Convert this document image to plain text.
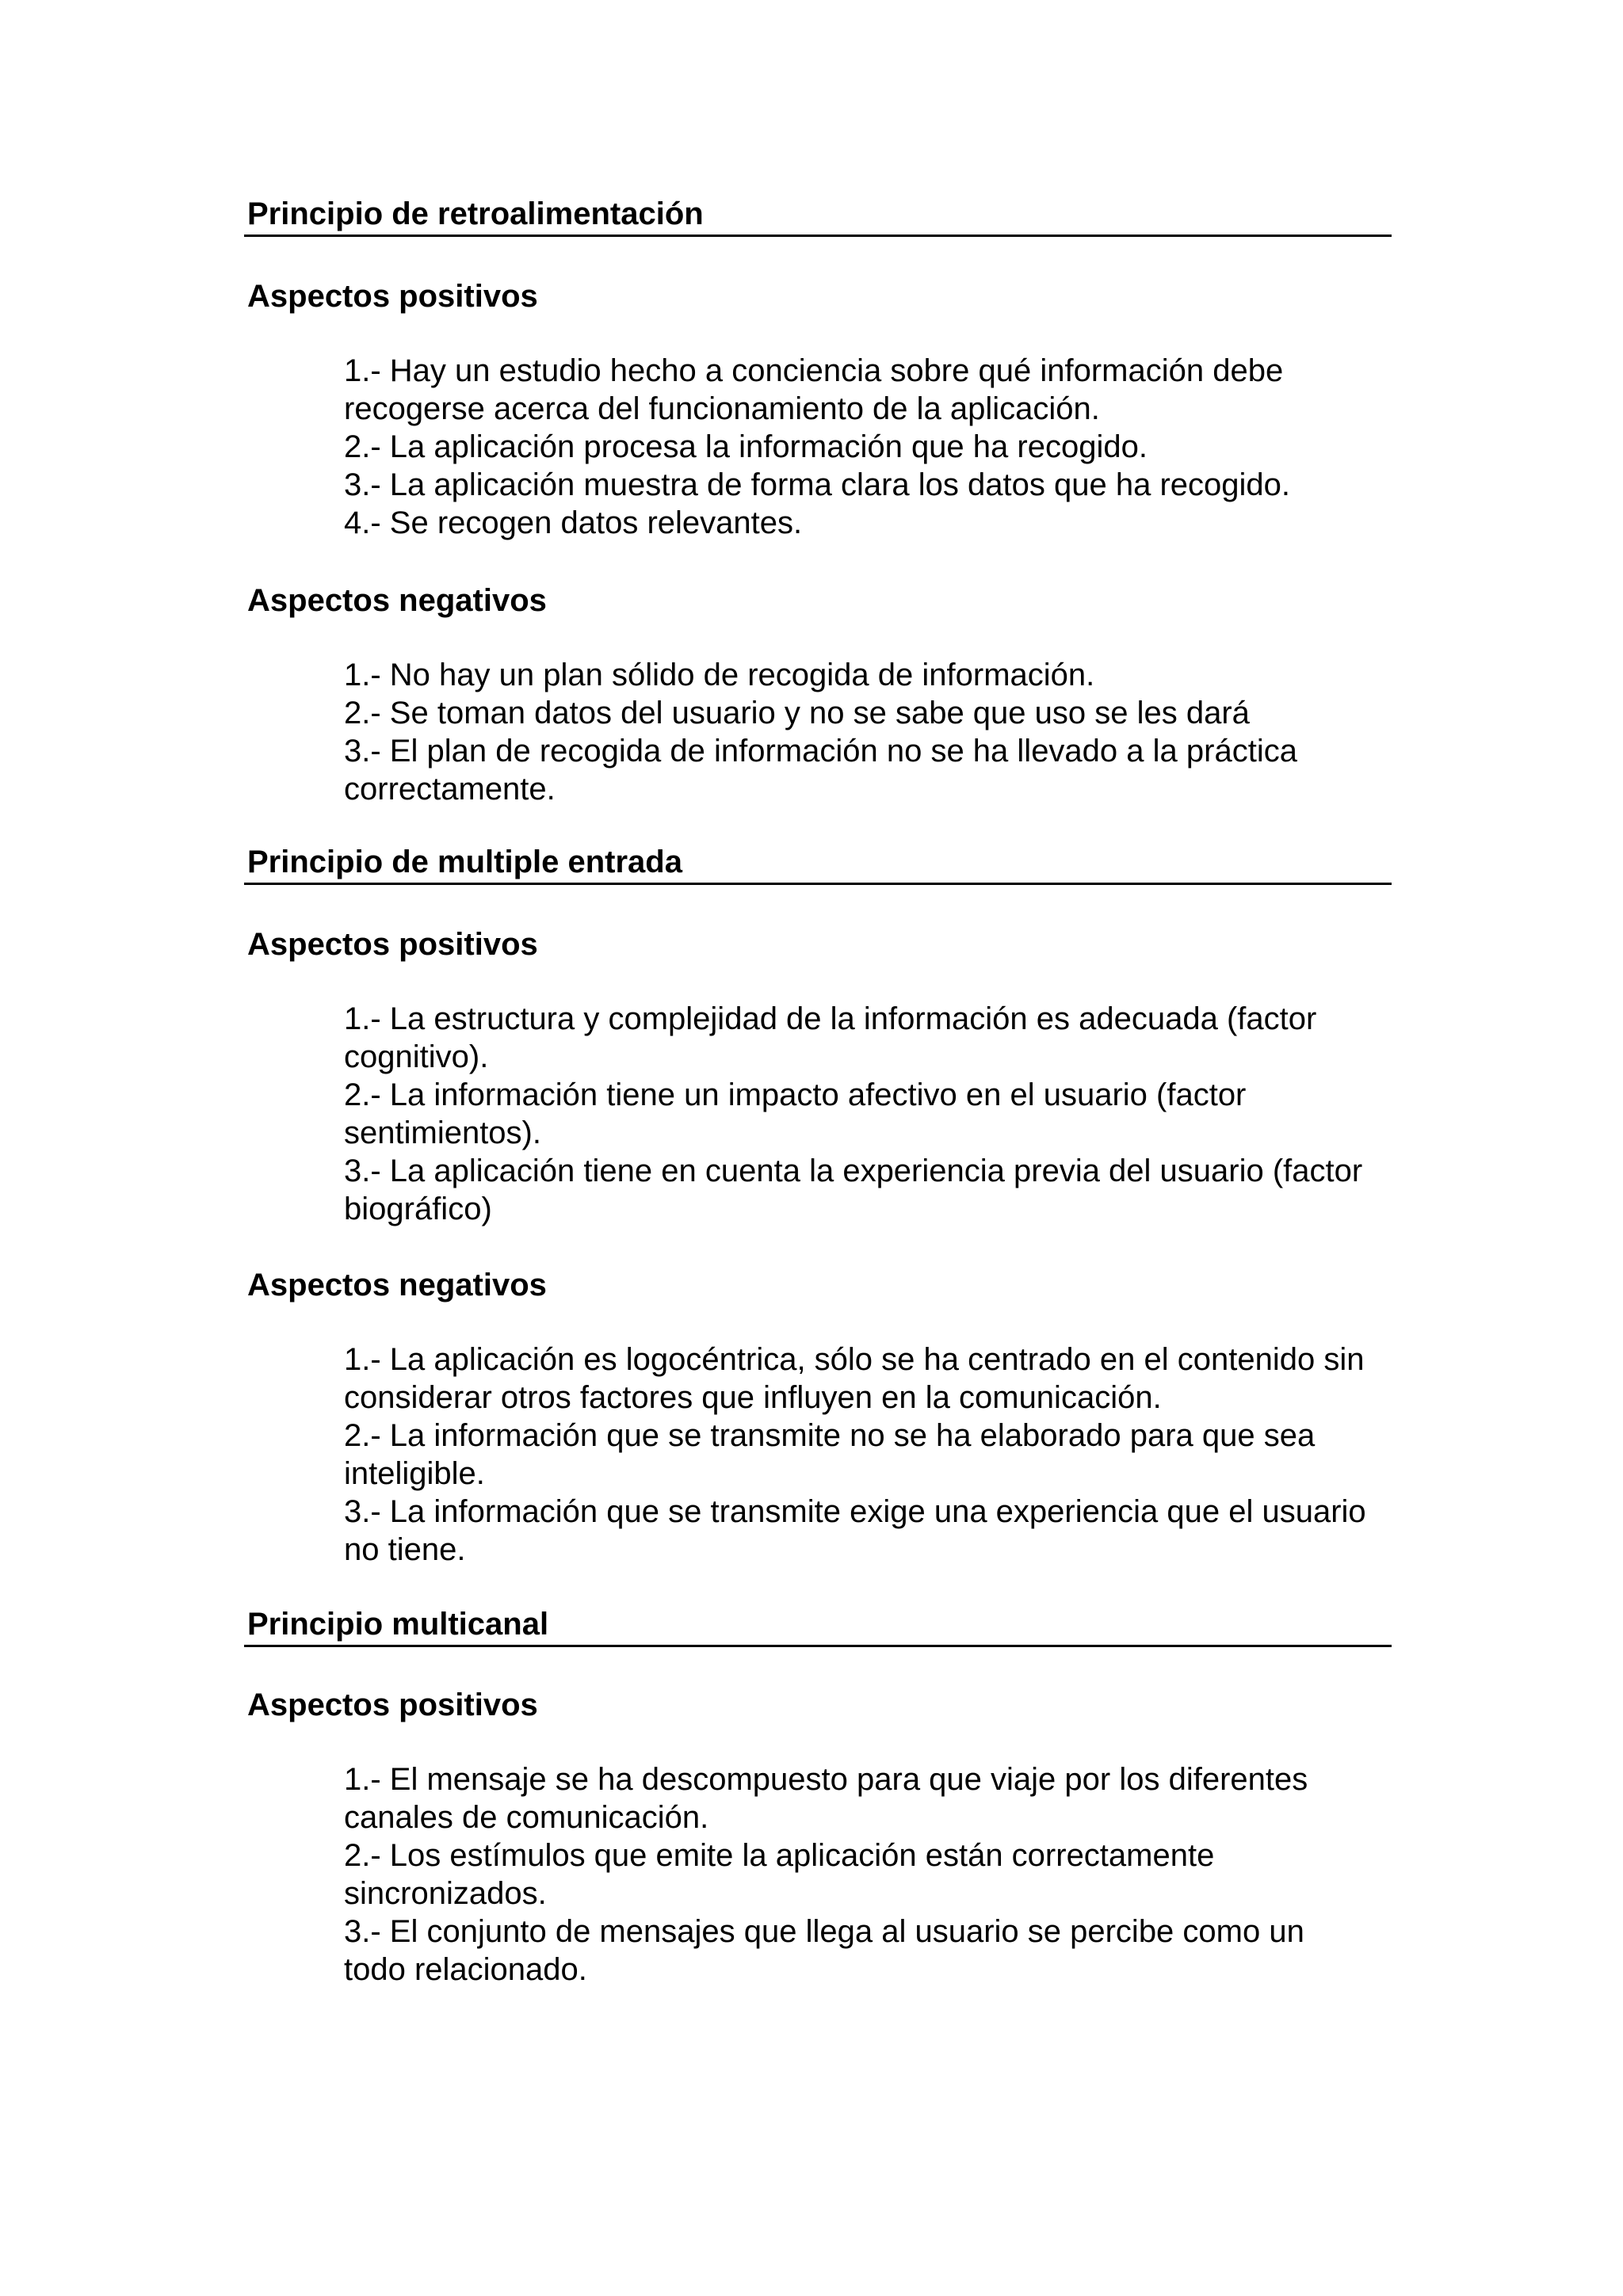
Principio de retroalimentación
Aspectos positivos
1.- Hay un estudio hecho a conciencia sobre qué información debe recogerse acerca del funcionamiento de la aplicación.
2.- La aplicación procesa la información que ha recogido.
3.- La aplicación muestra de forma clara los datos que ha recogido.
4.- Se recogen datos relevantes.
Aspectos negativos
1.- No hay un plan sólido de recogida de información.
2.- Se toman datos del usuario y no se sabe que uso se les dará
3.- El plan de recogida de información no se ha llevado a la práctica correctamente.
Principio de multiple entrada
Aspectos positivos
1.- La estructura y complejidad de la información es adecuada (factor cognitivo).
2.- La información tiene un impacto afectivo en el usuario (factor sentimientos).
3.- La aplicación tiene en cuenta la experiencia previa del usuario (factor biográfico)
Aspectos negativos
1.- La aplicación es logocéntrica, sólo se ha centrado en el contenido sin considerar otros factores que influyen en la comunicación.
2.- La información que se transmite no se ha elaborado para que sea inteligible.
3.- La información que se transmite exige una experiencia que el usuario no tiene.
Principio multicanal
Aspectos positivos
1.- El mensaje se ha descompuesto para que viaje por los diferentes canales de comunicación.
2.- Los estímulos que emite la aplicación están correctamente sincronizados.
3.- El conjunto de mensajes que llega al usuario se percibe como un todo relacionado.
